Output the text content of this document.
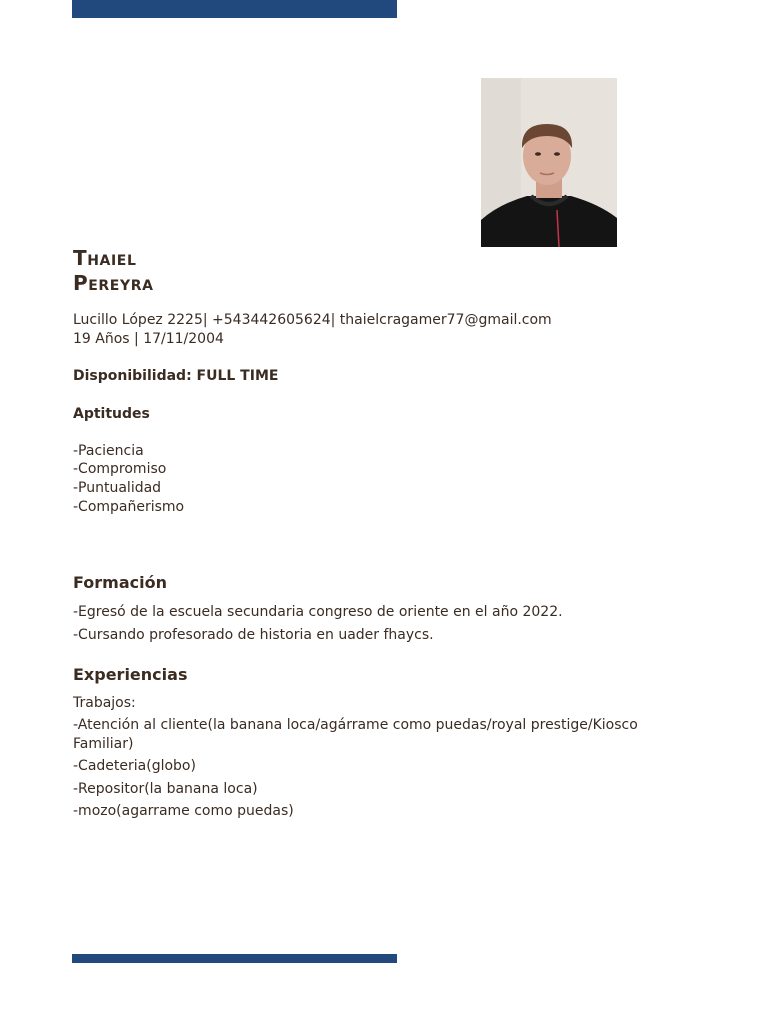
Thaiel
Pereyra
Lucillo López 2225| +543442605624| thaielcragamer77@gmail.com
19 Años | 17/11/2004
Disponibilidad: FULL TIME
Aptitudes
-Paciencia
-Compromiso
-Puntualidad
-Compañerismo
Formación
-Egresó de la escuela secundaria congreso de oriente en el año 2022.
-Cursando profesorado de historia en uader fhaycs.
Experiencias
Trabajos:
-Atención al cliente(la banana loca/agárrame como puedas/royal prestige/Kiosco Familiar)
-Cadeteria(globo)
-Repositor(la banana loca)
-mozo(agarrame como puedas)
